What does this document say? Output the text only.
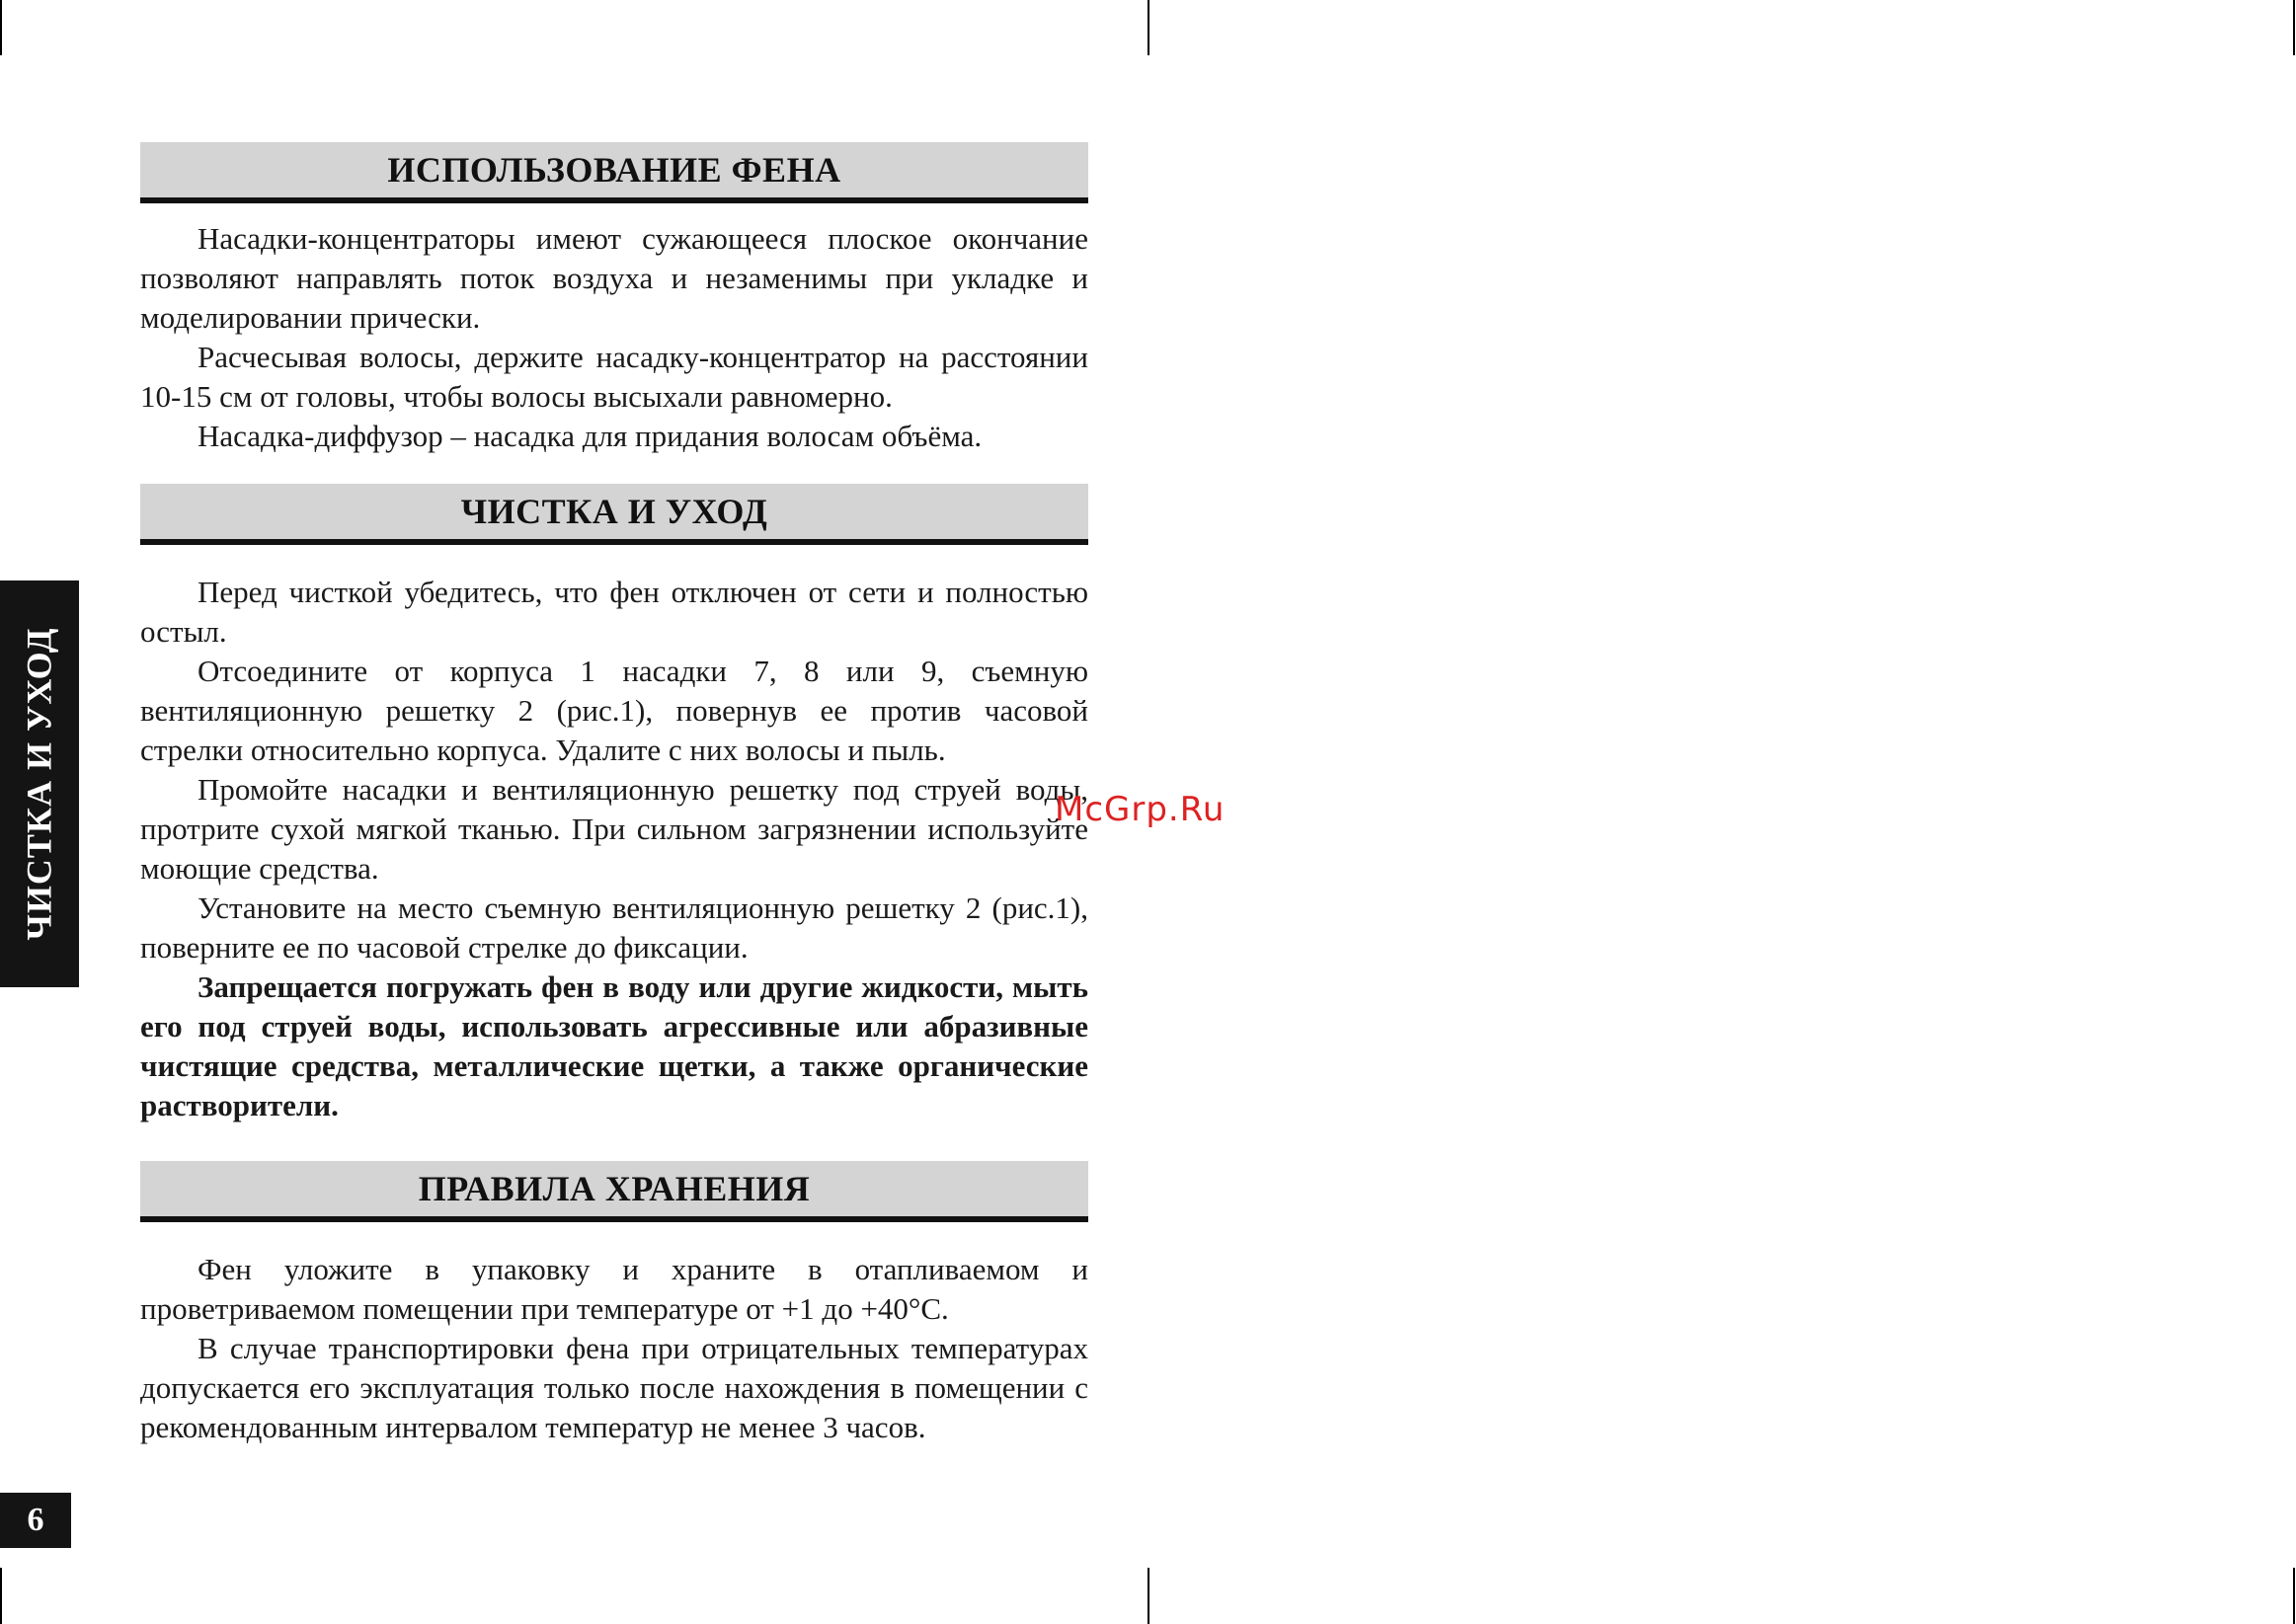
ЧИСТКА И УХОД
6
ИСПОЛЬЗОВАНИЕ ФЕНА

Насадки-концентраторы имеют сужающееся плоское окончание позволяют направлять поток воздуха и незаменимы при укладке и моделировании прически.

Расчесывая волосы, держите насадку-концентратор на расстоянии 10-15 см от головы, чтобы волосы высыхали равномерно.

Насадка-диффузор – насадка для придания волосам объёма.

ЧИСТКА И УХОД

Перед чисткой убедитесь, что фен отключен от сети и полностью остыл.

Отсоедините от корпуса 1 насадки 7, 8 или 9, съемную вентиляционную решетку 2 (рис.1), повернув ее против часовой стрелки относительно корпуса. Удалите с них волосы и пыль.

Промойте насадки и вентиляционную решетку под струей воды, протрите сухой мягкой тканью. При сильном загрязнении используйте моющие средства.

Установите на место съемную вентиляционную решетку 2 (рис.1), поверните ее по часовой стрелке до фиксации.

Запрещается погружать фен в воду или другие жидкости, мыть его под струей воды, использовать агрессивные или абразивные чистящие средства, металлические щетки, а также органические растворители.

ПРАВИЛА ХРАНЕНИЯ

Фен уложите в упаковку и храните в отапливаемом и проветриваемом помещении при температуре от +1 до +40°С.

В случае транспортировки фена при отрицательных температурах допускается его эксплуатация только после нахождения в помещении с рекомендованным интервалом температур не менее 3 часов.

McGrp.Ru
